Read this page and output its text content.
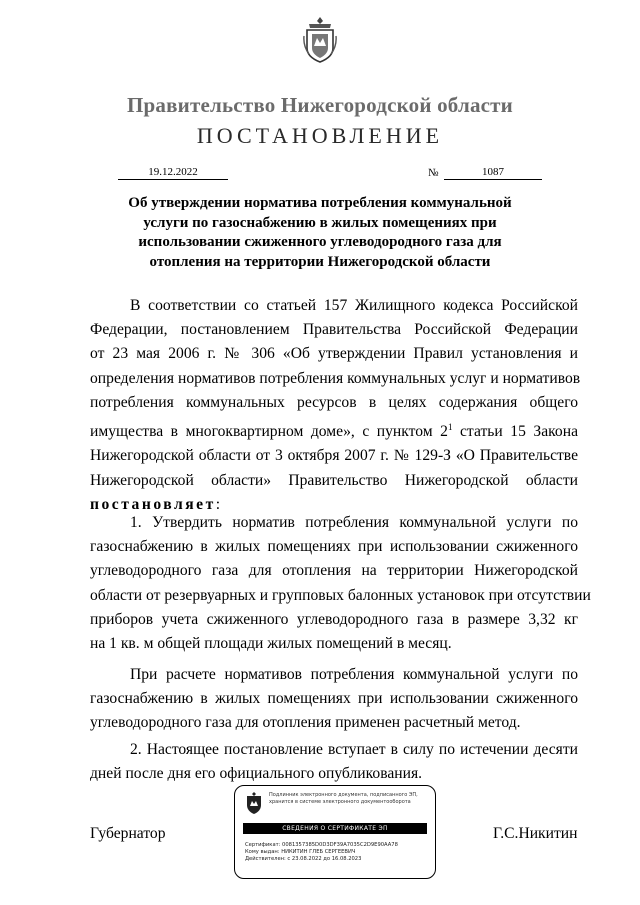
Правительство Нижегородской области
ПОСТАНОВЛЕНИЕ
19.12.2022	№	1087
Об утверждении норматива потребления коммунальной
услуги по газоснабжению в жилых помещениях при
использовании сжиженного углеводородного газа для
отопления на территории Нижегородской области
В соответствии со статьей 157 Жилищного кодекса Российской
Федерации, постановлением Правительства Российской Федерации
от 23 мая 2006 г. № 306 «Об утверждении Правил установления и
определения нормативов потребления коммунальных услуг и нормативов
потребления коммунальных ресурсов в целях содержания общего
имущества в многоквартирном доме», с пунктом $2^1$ статьи 15 Закона
Нижегородской области от 3 октября 2007 г. № 129-З «О Правительстве
Нижегородской области» Правительство Нижегородской области
постановляет:
1. Утвердить норматив потребления коммунальной услуги по
газоснабжению в жилых помещениях при использовании сжиженного
углеводородного газа для отопления на территории Нижегородской
области от резервуарных и групповых балонных установок при отсутствии
приборов учета сжиженного углеводородного газа в размере 3,32 кг
на 1 кв. м общей площади жилых помещений в месяц.
При расчете нормативов потребления коммунальной услуги по
газоснабжению в жилых помещениях при использовании сжиженного
углеводородного газа для отопления применен расчетный метод.
2. Настоящее постановление вступает в силу по истечении десяти
дней после дня его официального опубликования.
Губернатор	Г.С.Никитин
Подлинник электронного документа, подписанного ЭП,
хранится в системе электронного документооборота
СВЕДЕНИЯ О СЕРТИФИКАТЕ ЭП
Сертификат: 0081357385D0D3DF39A7035C2D9E90AA78
Кому выдан: НИКИТИН ГЛЕБ СЕРГЕЕВИЧ
Действителен: с 23.08.2022 до 16.08.2023
